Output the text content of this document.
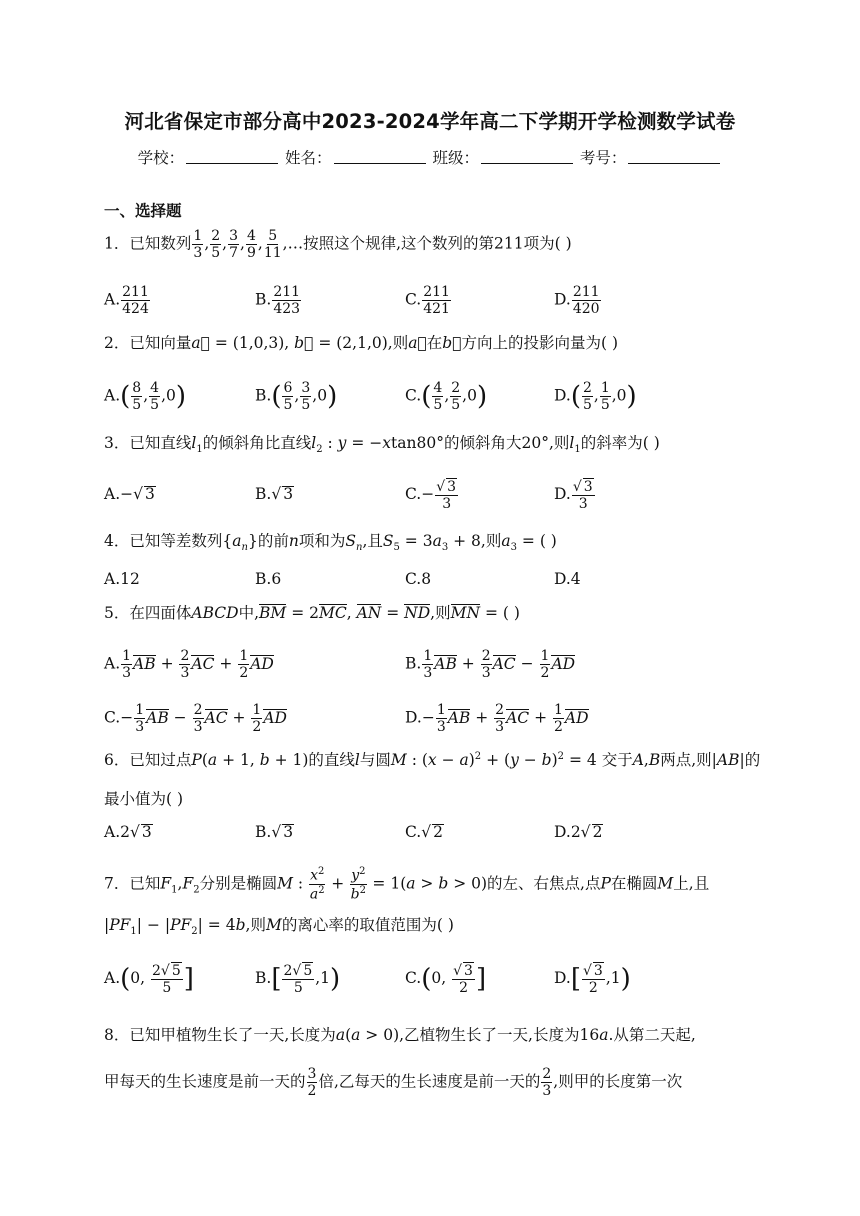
河北省保定市部分高中2023-2024学年高二下学期开学检测数学试卷
学校：	姓名：	班级：	考号：
一、选择题
1．已知数列 $\frac{1}{3}$ , $\frac{2}{5}$ , $\frac{3}{7}$ , $\frac{4}{9}$ , $\frac{5}{11}$ ,…按照这个规律,这个数列的第211项为( )
A. $\frac{211}{424}$	B. $\frac{211}{423}$	C. $\frac{211}{421}$	D. $\frac{211}{420}$
2．已知向量a⃗ = (1,0,3), b⃗ = (2,1,0),则a⃗在b⃗方向上的投影向量为( )
$A.( \frac{8}{5}$ , $\frac{4}{5} ,0$)	$B.( \frac{6}{5}$ , $\frac{3}{5} ,0$)	$C.( \frac{4}{5}$ , $\frac{2}{5} ,0$)	$D.( \frac{2}{5}$ , $\frac{1}{5} ,0$)
3．已知直线$l_1$的倾斜角比直线$l_2$ : y = −xtan80°的倾斜角大20°,则$l_1$的斜率为( )
A.−√ 3	B.√ 3	$C.- \frac{√ 3}{3}$	D. $\frac{√ 3}{3}$
4．已知等差数列$\{a_n\}$的前n项和为$S_n$,且$S_5 = 3a_3 + 8$,则$a_3$ = ( )
A.12	B.6	C.8	D.4
5．在四面体ABCD中,BM = 2MC, AN = ND,则MN = ( )
A. $\frac{1}{3}$ AB + $\frac{2}{3}$ AC + $\frac{1}{2}$ AD	B. $\frac{1}{3}$ AB + $\frac{2}{3}$ AC − $\frac{1}{2}$ AD
$C.- \frac{1}{3}$ AB − $\frac{2}{3}$ AC + $\frac{1}{2}$ AD	$D.- \frac{1}{3}$ AB + $\frac{2}{3}$ AC + $\frac{1}{2}$ AD
6．已知过点P(a + 1, b + 1)的直线l与圆M : $(x - a)^2 + (y - b)^2 = 4$ 交于A,B两点,则|AB|的
最小值为( )
A.2√ 3	B.√ 3	C.√ 2	D.2√ 2
7．已知$F_1,F_2$分别是椭圆M : $\frac{x^2}{a^2} + \frac{y^2}{b^2} = 1(a > b > 0)$的左、右焦点,点P在椭圆M上,且
$|PF_1| - |PF_2| = 4b$,则M的离心率的取值范围为( )
A.(0, $\frac{2√ 5}{5}$ ]	$B.[ \frac{2√ 5}{5} ,1)$	C.(0, $\frac{√ 3}{2}$ ]	$D.[ \frac{√ 3}{2} ,1)$
8．已知甲植物生长了一天,长度为a(a > 0),乙植物生长了一天,长度为16a.从第二天起,
甲每天的生长速度是前一天的 $\frac{3}{2}$ 倍,乙每天的生长速度是前一天的 $\frac{2}{3}$ ,则甲的长度第一次
